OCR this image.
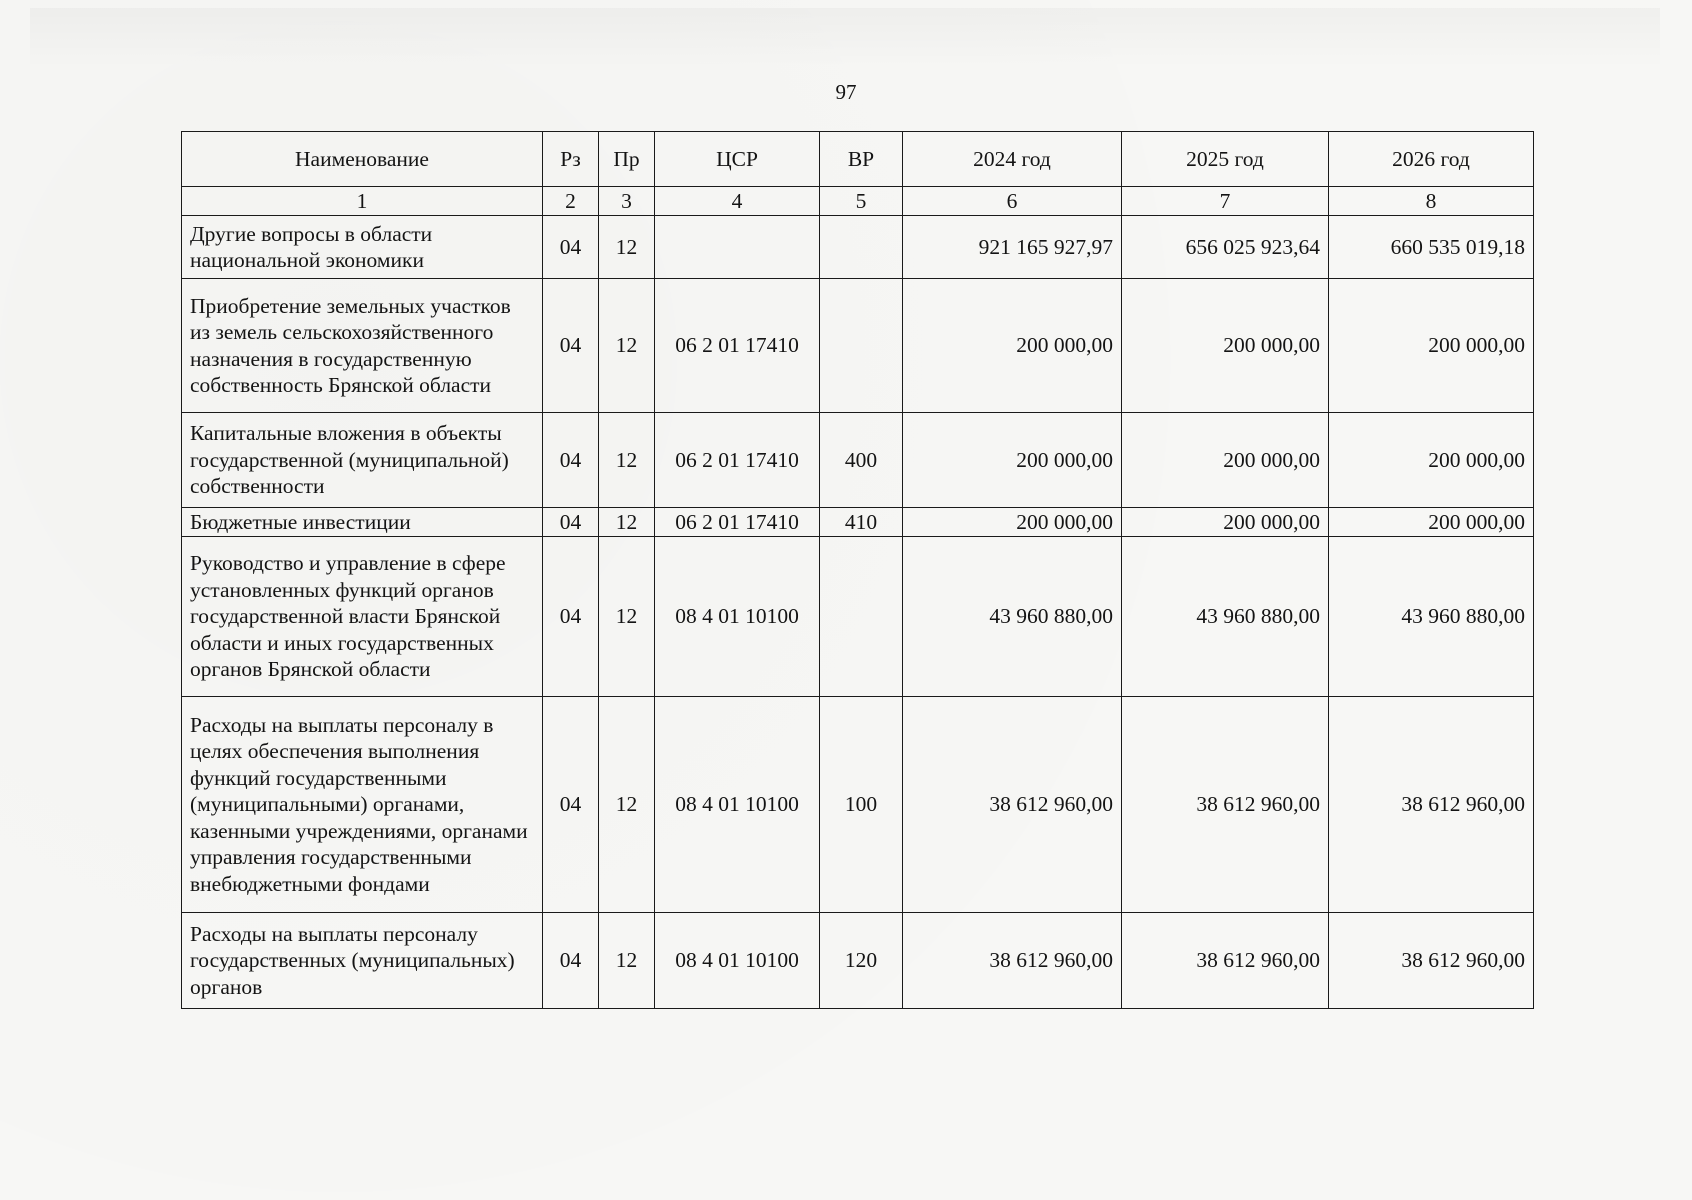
97
Наименование	Рз	Пр	ЦСР	ВР	2024 год	2025 год	2026 год
1	2	3	4	5	6	7	8
Другие вопросы в области национальной экономики	04	12			921 165 927,97	656 025 923,64	660 535 019,18
Приобретение земельных участков из земель сельскохозяйственного назначения в государственную собственность Брянской области	04	12	06 2 01 17410		200 000,00	200 000,00	200 000,00
Капитальные вложения в объекты государственной (муниципальной) собственности	04	12	06 2 01 17410	400	200 000,00	200 000,00	200 000,00
Бюджетные инвестиции	04	12	06 2 01 17410	410	200 000,00	200 000,00	200 000,00
Руководство и управление в сфере установленных функций органов государственной власти Брянской области и иных государственных органов Брянской области	04	12	08 4 01 10100		43 960 880,00	43 960 880,00	43 960 880,00
Расходы на выплаты персоналу в целях обеспечения выполнения функций государственными (муниципальными) органами, казенными учреждениями, органами управления государственными внебюджетными фондами	04	12	08 4 01 10100	100	38 612 960,00	38 612 960,00	38 612 960,00
Расходы на выплаты персоналу государственных (муниципальных) органов	04	12	08 4 01 10100	120	38 612 960,00	38 612 960,00	38 612 960,00
